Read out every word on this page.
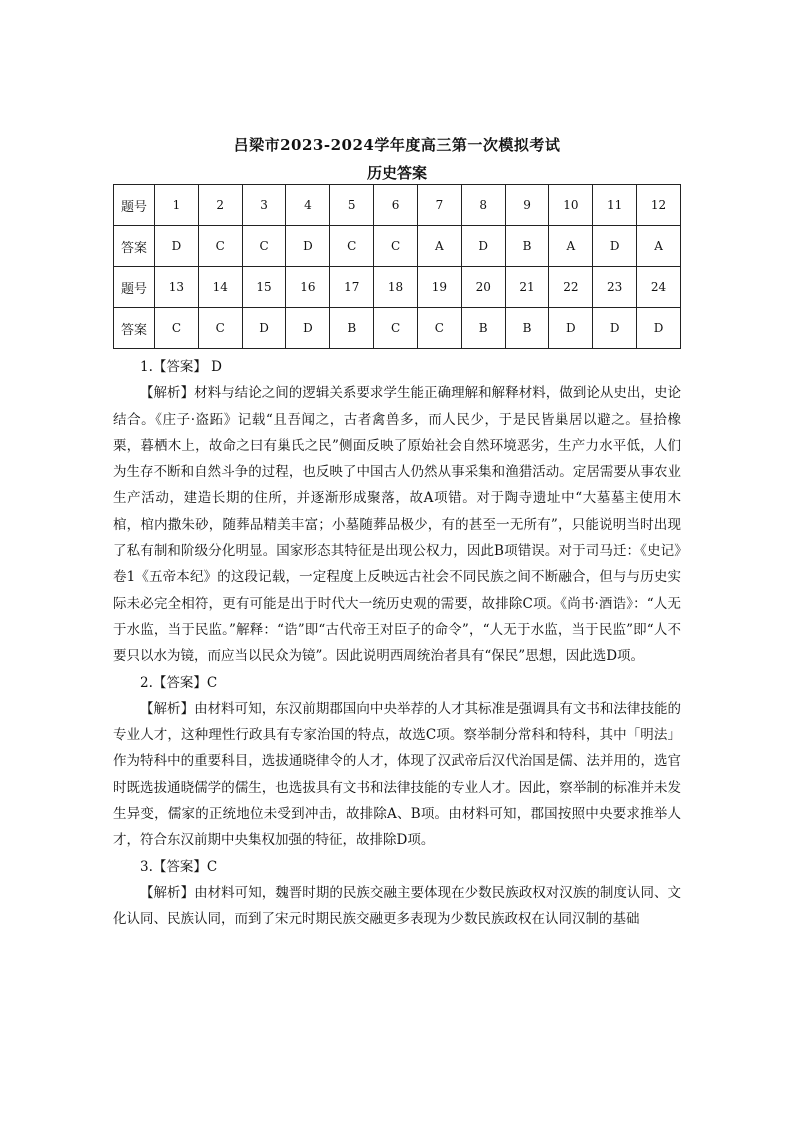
吕梁市2023-2024学年度高三第一次模拟考试
历史答案
题号	1	2	3	4	5	6	7	8	9	10	11	12
答案	D	C	C	D	C	C	A	D	B	A	D	A
题号	13	14	15	16	17	18	19	20	21	22	23	24
答案	C	C	D	D	B	C	C	B	B	D	D	D

1.【答案】 D

【解析】材料与结论之间的逻辑关系要求学生能正确理解和解释材料，做到论从史出，史论结合。《庄子·盗跖》记载“且吾闻之，古者禽兽多，而人民少，于是民皆巢居以避之。昼拾橡栗，暮栖木上，故命之曰有巢氏之民”侧面反映了原始社会自然环境恶劣，生产力水平低，人们为生存不断和自然斗争的过程，也反映了中国古人仍然从事采集和渔猎活动。定居需要从事农业生产活动，建造长期的住所，并逐渐形成聚落，故A项错。对于陶寺遗址中“大墓墓主使用木棺，棺内撒朱砂，随葬品精美丰富；小墓随葬品极少，有的甚至一无所有”，只能说明当时出现了私有制和阶级分化明显。国家形态其特征是出现公权力，因此B项错误。对于司马迁：《史记》卷1《五帝本纪》的这段记载，一定程度上反映远古社会不同民族之间不断融合，但与与历史实际未必完全相符，更有可能是出于时代大一统历史观的需要，故排除C项。《尚书·酒诰》：“人无于水监，当于民监。”解释：“诰”即“古代帝王对臣子的命令”，“人无于水监，当于民监”即“人不要只以水为镜，而应当以民众为镜”。因此说明西周统治者具有“保民”思想，因此选D项。

2.【答案】C

【解析】由材料可知，东汉前期郡国向中央举荐的人才其标准是强调具有文书和法律技能的专业人才，这种理性行政具有专家治国的特点，故选C项。察举制分常科和特科，其中「明法」作为特科中的重要科目，选拔通晓律令的人才，体现了汉武帝后汉代治国是儒、法并用的，选官时既选拔通晓儒学的儒生，也选拔具有文书和法律技能的专业人才。因此，察举制的标准并未发生异变，儒家的正统地位未受到冲击，故排除A、B项。由材料可知，郡国按照中央要求推举人才，符合东汉前期中央集权加强的特征，故排除D项。

3.【答案】C

【解析】由材料可知，魏晋时期的民族交融主要体现在少数民族政权对汉族的制度认同、文化认同、民族认同，而到了宋元时期民族交融更多表现为少数民族政权在认同汉制的基础
